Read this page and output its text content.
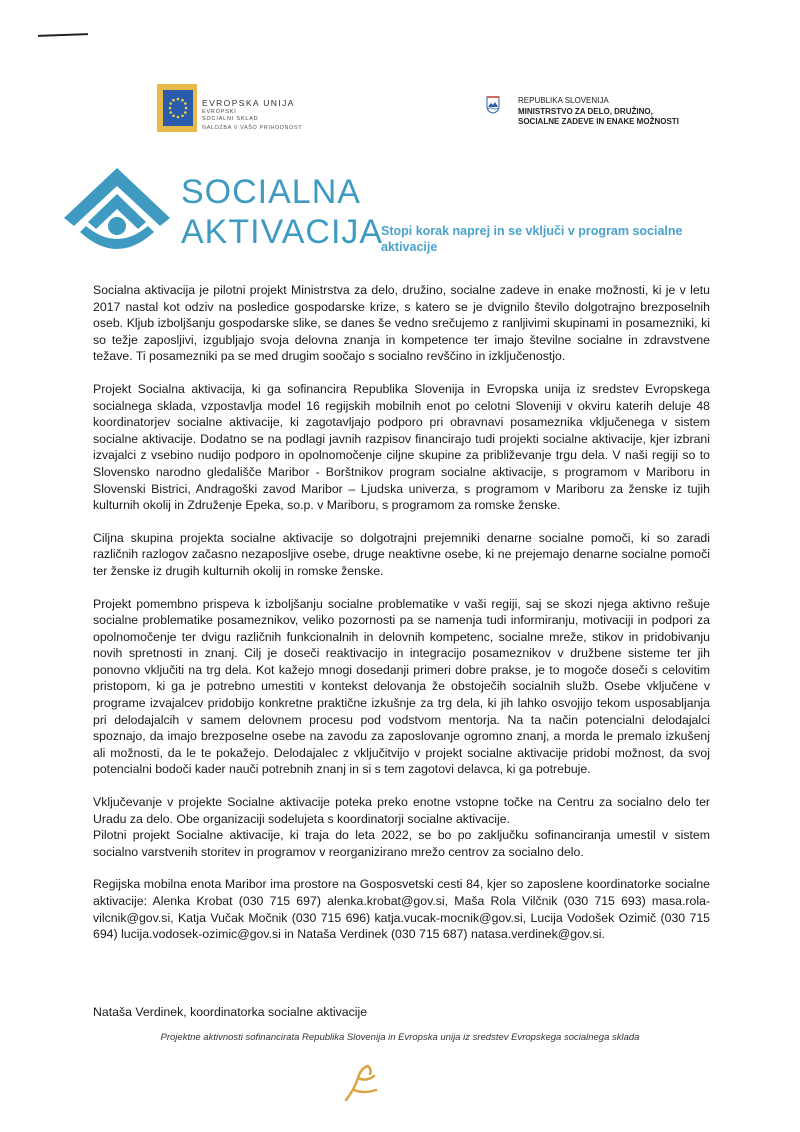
EVROPSKA UNIJA
EVROPSKI
SOCIALNI SKLAD
NALOŽBA V VAŠO PRIHODNOST
REPUBLIKA SLOVENIJA
MINISTRSTVO ZA DELO, DRUŽINO,
SOCIALNE ZADEVE IN ENAKE MOŽNOSTI
SOCIALNA
AKTIVACIJA
Stopi korak naprej in se vključi v program socialne aktivacije

Socialna aktivacija je pilotni projekt Ministrstva za delo, družino, socialne zadeve in enake možnosti, ki je v letu 2017 nastal kot odziv na posledice gospodarske krize, s katero se je dvignilo število dolgotrajno brezposelnih oseb. Kljub izboljšanju gospodarske slike, se danes še vedno srečujemo z ranljivimi skupinami in posamezniki, ki so težje zaposljivi, izgubljajo svoja delovna znanja in kompetence ter imajo številne socialne in zdravstvene težave. Ti posamezniki pa se med drugim soočajo s socialno revščino in izključenostjo.

Projekt Socialna aktivacija, ki ga sofinancira Republika Slovenija in Evropska unija iz sredstev Evropskega socialnega sklada, vzpostavlja model 16 regijskih mobilnih enot po celotni Sloveniji v okviru katerih deluje 48 koordinatorjev socialne aktivacije, ki zagotavljajo podporo pri obravnavi posameznika vključenega v sistem socialne aktivacije. Dodatno se na podlagi javnih razpisov financirajo tudi projekti socialne aktivacije, kjer izbrani izvajalci z vsebino nudijo podporo in opolnomočenje ciljne skupine za približevanje trgu dela. V naši regiji so to Slovensko narodno gledališče Maribor - Borštnikov program socialne aktivacije, s programom v Mariboru in Slovenski Bistrici, Andragoški zavod Maribor – Ljudska univerza, s programom v Mariboru za ženske iz tujih kulturnih okolij in Združenje Epeka, so.p. v Mariboru, s programom za romske ženske.

Ciljna skupina projekta socialne aktivacije so dolgotrajni prejemniki denarne socialne pomoči, ki so zaradi različnih razlogov začasno nezaposljive osebe, druge neaktivne osebe, ki ne prejemajo denarne socialne pomoči ter ženske iz drugih kulturnih okolij in romske ženske.

Projekt pomembno prispeva k izboljšanju socialne problematike v vaši regiji, saj se skozi njega aktivno rešuje socialne problematike posameznikov, veliko pozornosti pa se namenja tudi informiranju, motivaciji in podpori za opolnomočenje ter dvigu različnih funkcionalnih in delovnih kompetenc, socialne mreže, stikov in pridobivanju novih spretnosti in znanj. Cilj je doseči reaktivacijo in integracijo posameznikov v družbene sisteme ter jih ponovno vključiti na trg dela. Kot kažejo mnogi dosedanji primeri dobre prakse, je to mogoče doseči s celovitim pristopom, ki ga je potrebno umestiti v kontekst delovanja že obstoječih socialnih služb. Osebe vključene v programe izvajalcev pridobijo konkretne praktične izkušnje za trg dela, ki jih lahko osvojijo tekom usposabljanja pri delodajalcih v samem delovnem procesu pod vodstvom mentorja. Na ta način potencialni delodajalci spoznajo, da imajo brezposelne osebe na zavodu za zaposlovanje ogromno znanj, a morda le premalo izkušenj ali možnosti, da le te pokažejo. Delodajalec z vključitvijo v projekt socialne aktivacije pridobi možnost, da svoj potencialni bodoči kader nauči potrebnih znanj in si s tem zagotovi delavca, ki ga potrebuje.

Vključevanje v projekte Socialne aktivacije poteka preko enotne vstopne točke na Centru za socialno delo ter Uradu za delo. Obe organizaciji sodelujeta s koordinatorji socialne aktivacije.

Pilotni projekt Socialne aktivacije, ki traja do leta 2022, se bo po zaključku sofinanciranja umestil v sistem socialno varstvenih storitev in programov v reorganizirano mrežo centrov za socialno delo.

Regijska mobilna enota Maribor ima prostore na Gosposvetski cesti 84, kjer so zaposlene koordinatorke socialne aktivacije: Alenka Krobat (030 715 697) alenka.krobat@gov.si, Maša Rola Vilčnik (030 715 693) masa.rola-vilcnik@gov.si, Katja Vučak Močnik (030 715 696) katja.vucak-mocnik@gov.si, Lucija Vodošek Ozimič (030 715 694) lucija.vodosek-ozimic@gov.si in Nataša Verdinek (030 715 687) natasa.verdinek@gov.si.

Nataša Verdinek, koordinatorka socialne aktivacije
Projektne aktivnosti sofinancirata Republika Slovenija in Evropska unija iz sredstev Evropskega socialnega sklada
